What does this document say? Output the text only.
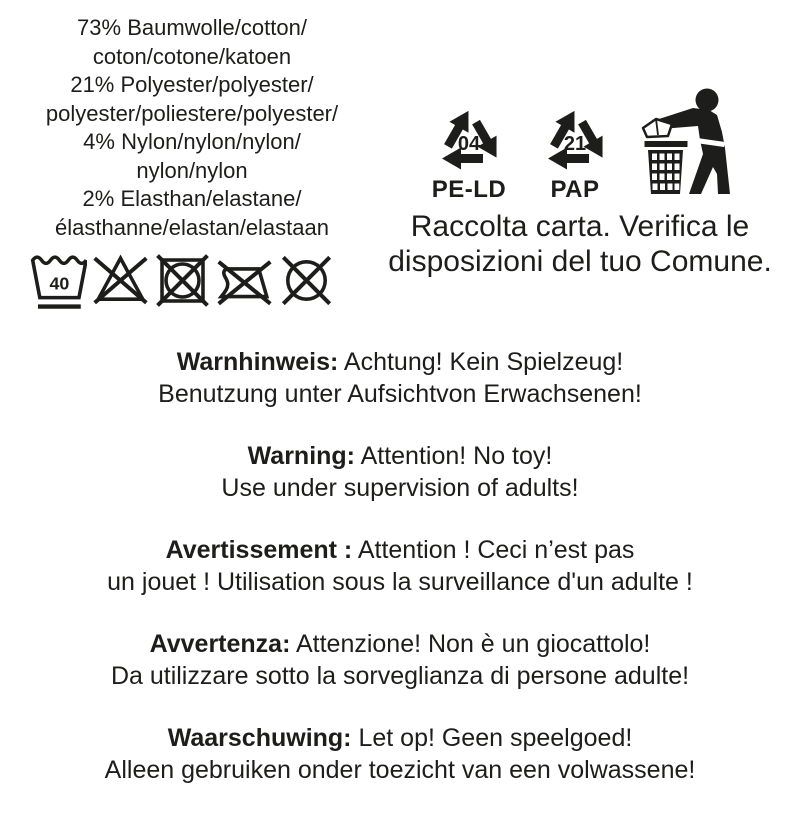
73% Baumwolle/cotton/
coton/cotone/katoen
21% Polyester/polyester/
polyester/poliestere/polyester/
4% Nylon/nylon/nylon/
nylon/nylon
2% Elasthan/elastane/
élasthanne/elastan/elastaan
40
04
PE-LD
21
PAP
Raccolta carta. Verifica le
disposizioni del tuo Comune.

Warnhinweis: Achtung! Kein Spielzeug!
Benutzung unter Aufsichtvon Erwachsenen!

Warning: Attention! No toy!
Use under supervision of adults!

Avertissement : Attention ! Ceci n’est pas
un jouet ! Utilisation sous la surveillance d'un adulte !

Avvertenza: Attenzione! Non è un giocattolo!
Da utilizzare sotto la sorveglianza di persone adulte!

Waarschuwing: Let op! Geen speelgoed!
Alleen gebruiken onder toezicht van een volwassene!
